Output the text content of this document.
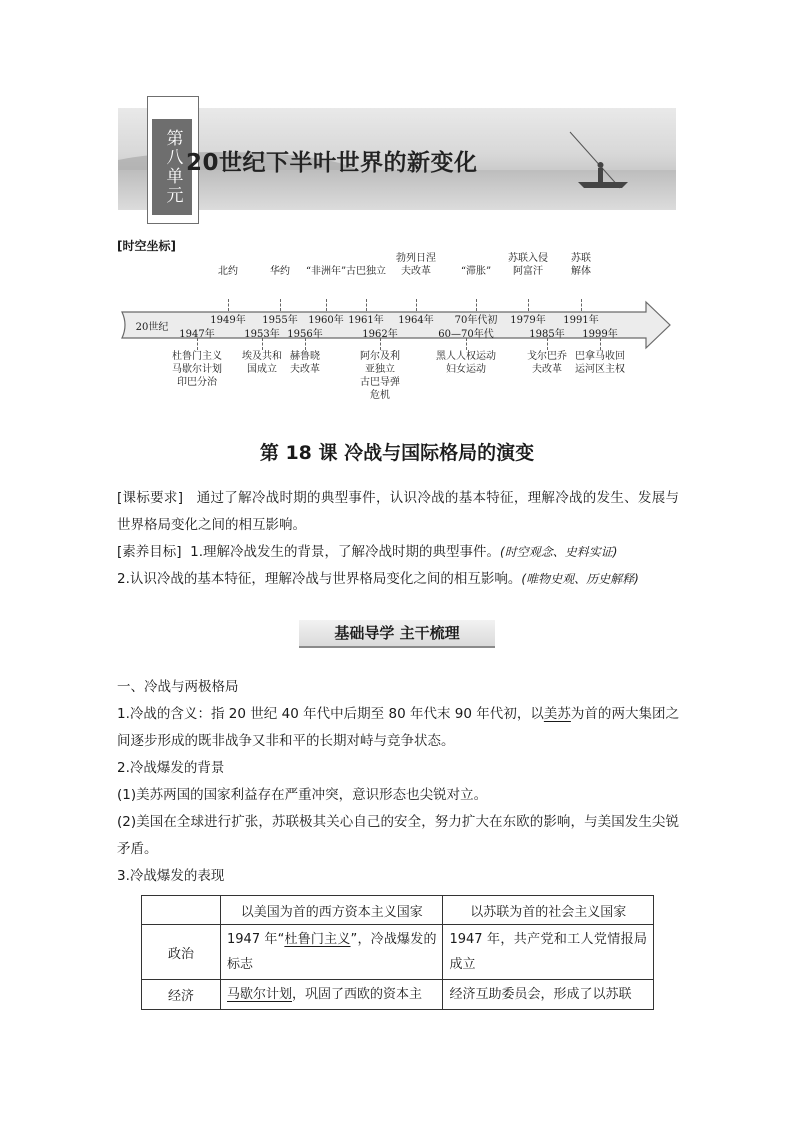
第八单元 20世纪下半叶世界的新变化
[时空坐标]
20世纪
北约
1949年
华约
1955年
“非洲年”
1960年
古巴独立
1961年
勃列日涅
夫改革
1964年
“滞胀”
70年代初
苏联入侵
阿富汗
1979年
苏联
解体
1991年
1947年
杜鲁门主义
马歇尔计划
印巴分治
1953年
埃及共和
国成立
1956年
赫鲁晓
夫改革
1962年
阿尔及利
亚独立
古巴导弹
危机
60—70年代
黑人人权运动
妇女运动
1985年
戈尔巴乔
夫改革
1999年
巴拿马收回
运河区主权
第 18 课 冷战与国际格局的演变
[课标要求] 通过了解冷战时期的典型事件，认识冷战的基本特征，理解冷战的发生、发展与世界格局变化之间的相互影响。
[素养目标] 1.理解冷战发生的背景，了解冷战时期的典型事件。(时空观念、史料实证)
2.认识冷战的基本特征，理解冷战与世界格局变化之间的相互影响。(唯物史观、历史解释)
基础导学 主干梳理
一、冷战与两极格局
1.冷战的含义：指 20 世纪 40 年代中后期至 80 年代末 90 年代初，以美苏为首的两大集团之间逐步形成的既非战争又非和平的长期对峙与竞争状态。
2.冷战爆发的背景
(1)美苏两国的国家利益存在严重冲突，意识形态也尖锐对立。
(2)美国在全球进行扩张，苏联极其关心自己的安全，努力扩大在东欧的影响，与美国发生尖锐矛盾。
3.冷战爆发的表现
	以美国为首的西方资本主义国家	以苏联为首的社会主义国家
政治	1947 年“杜鲁门主义”，冷战爆发的标志	1947 年，共产党和工人党情报局成立
经济	马歇尔计划，巩固了西欧的资本主	经济互助委员会，形成了以苏联
